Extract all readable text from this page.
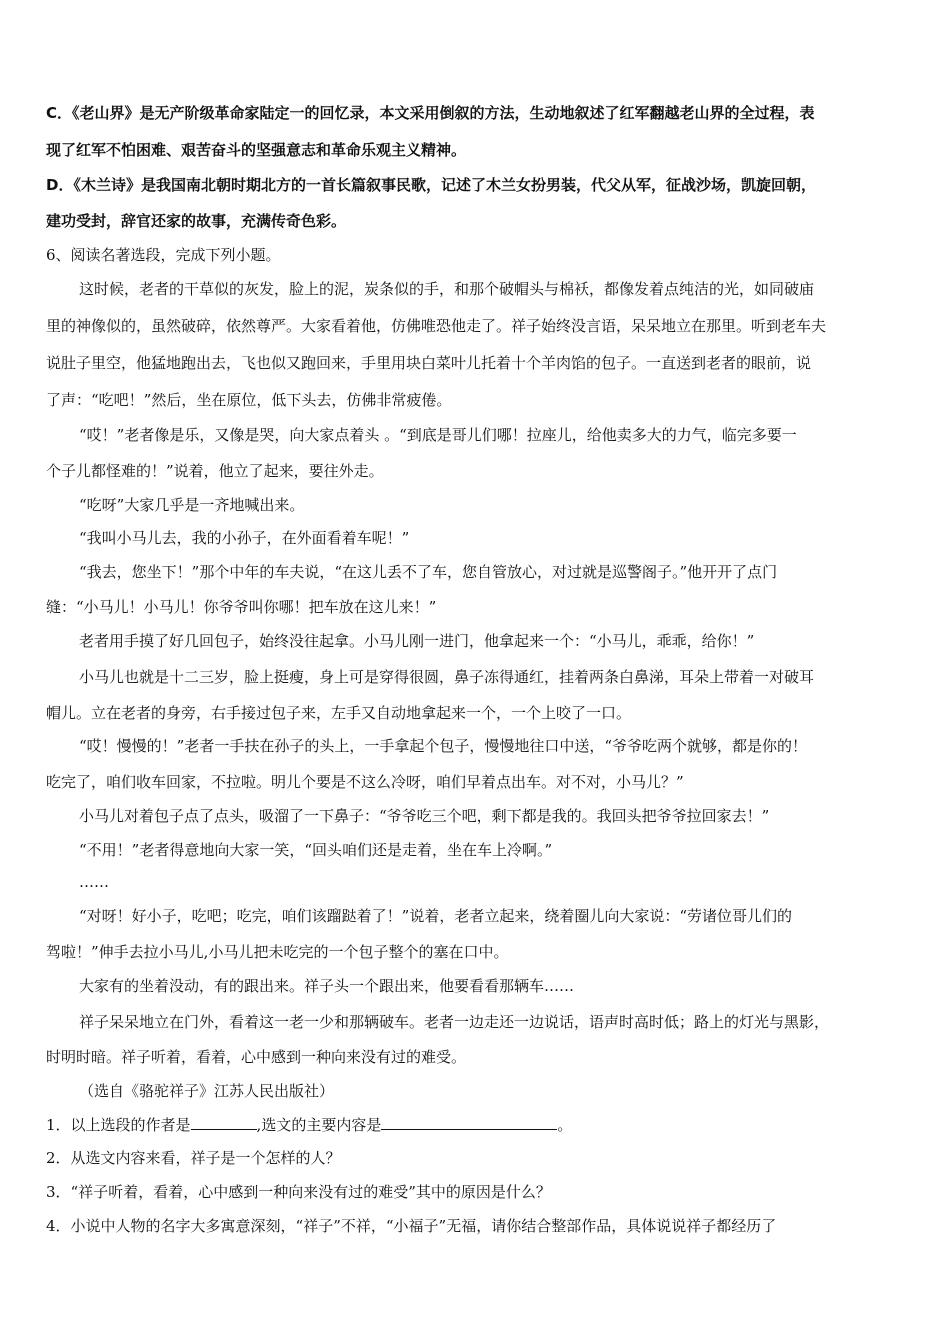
C．《老山界》是无产阶级革命家陆定一的回忆录，本文采用倒叙的方法，生动地叙述了红军翻越老山界的全过程，表
现了红军不怕困难、艰苦奋斗的坚强意志和革命乐观主义精神。
D．《木兰诗》是我国南北朝时期北方的一首长篇叙事民歌，记述了木兰女扮男装，代父从军，征战沙场，凯旋回朝，
建功受封，辞官还家的故事，充满传奇色彩。
6、阅读名著选段，完成下列小题。
这时候，老者的干草似的灰发，脸上的泥，炭条似的手，和那个破帽头与棉袄，都像发着点纯洁的光，如同破庙
里的神像似的，虽然破碎，依然尊严。大家看着他，仿佛唯恐他走了。祥子始终没言语，呆呆地立在那里。听到老车夫
说肚子里空，他猛地跑出去，飞也似又跑回来，手里用块白菜叶儿托着十个羊肉馅的包子。一直送到老者的眼前，说
了声：“吃吧！”然后，坐在原位，低下头去，仿佛非常疲倦。
“哎！”老者像是乐，又像是哭，向大家点着头 。“到底是哥儿们哪！拉座儿，给他卖多大的力气，临完多要一
个子儿都怪难的！”说着，他立了起来，要往外走。
“吃呀”大家几乎是一齐地喊出来。
“我叫小马儿去，我的小孙子，在外面看着车呢！”
“我去，您坐下！”那个中年的车夫说，“在这儿丢不了车，您自管放心，对过就是巡警阁子。”他开开了点门
缝：“小马儿！小马儿！你爷爷叫你哪！把车放在这儿来！”
老者用手摸了好几回包子，始终没往起拿。小马儿刚一进门，他拿起来一个：“小马儿，乖乖，给你！”
小马儿也就是十二三岁，脸上挺瘦，身上可是穿得很圆，鼻子冻得通红，挂着两条白鼻涕，耳朵上带着一对破耳
帽儿。立在老者的身旁，右手接过包子来，左手又自动地拿起来一个，一个上咬了一口。
“哎！慢慢的！”老者一手扶在孙子的头上，一手拿起个包子，慢慢地往口中送，“爷爷吃两个就够，都是你的！
吃完了，咱们收车回家，不拉啦。明儿个要是不这么冷呀，咱们早着点出车。对不对，小马儿？”
小马儿对着包子点了点头，吸溜了一下鼻子：“爷爷吃三个吧，剩下都是我的。我回头把爷爷拉回家去！”
“不用！”老者得意地向大家一笑，“回头咱们还是走着，坐在车上冷啊。”
……
“对呀！好小子，吃吧；吃完，咱们该蹓跶着了！”说着，老者立起来，绕着圈儿向大家说：“劳诸位哥儿们的
驾啦！”伸手去拉小马儿,小马儿把未吃完的一个包子整个的塞在口中。
大家有的坐着没动，有的跟出来。祥子头一个跟出来，他要看看那辆车……
祥子呆呆地立在门外，看着这一老一少和那辆破车。老者一边走还一边说话，语声时高时低；路上的灯光与黑影，
时明时暗。祥子听着，看着，心中感到一种向来没有过的难受。
（选自《骆驼祥子》江苏人民出版社）
1．以上选段的作者是	,选文的主要内容是	。
2．从选文内容来看，祥子是一个怎样的人？
3．“祥子听着，看着，心中感到一种向来没有过的难受”其中的原因是什么？
4．小说中人物的名字大多寓意深刻，“祥子”不祥，“小福子”无福，请你结合整部作品，具体说说祥子都经历了
